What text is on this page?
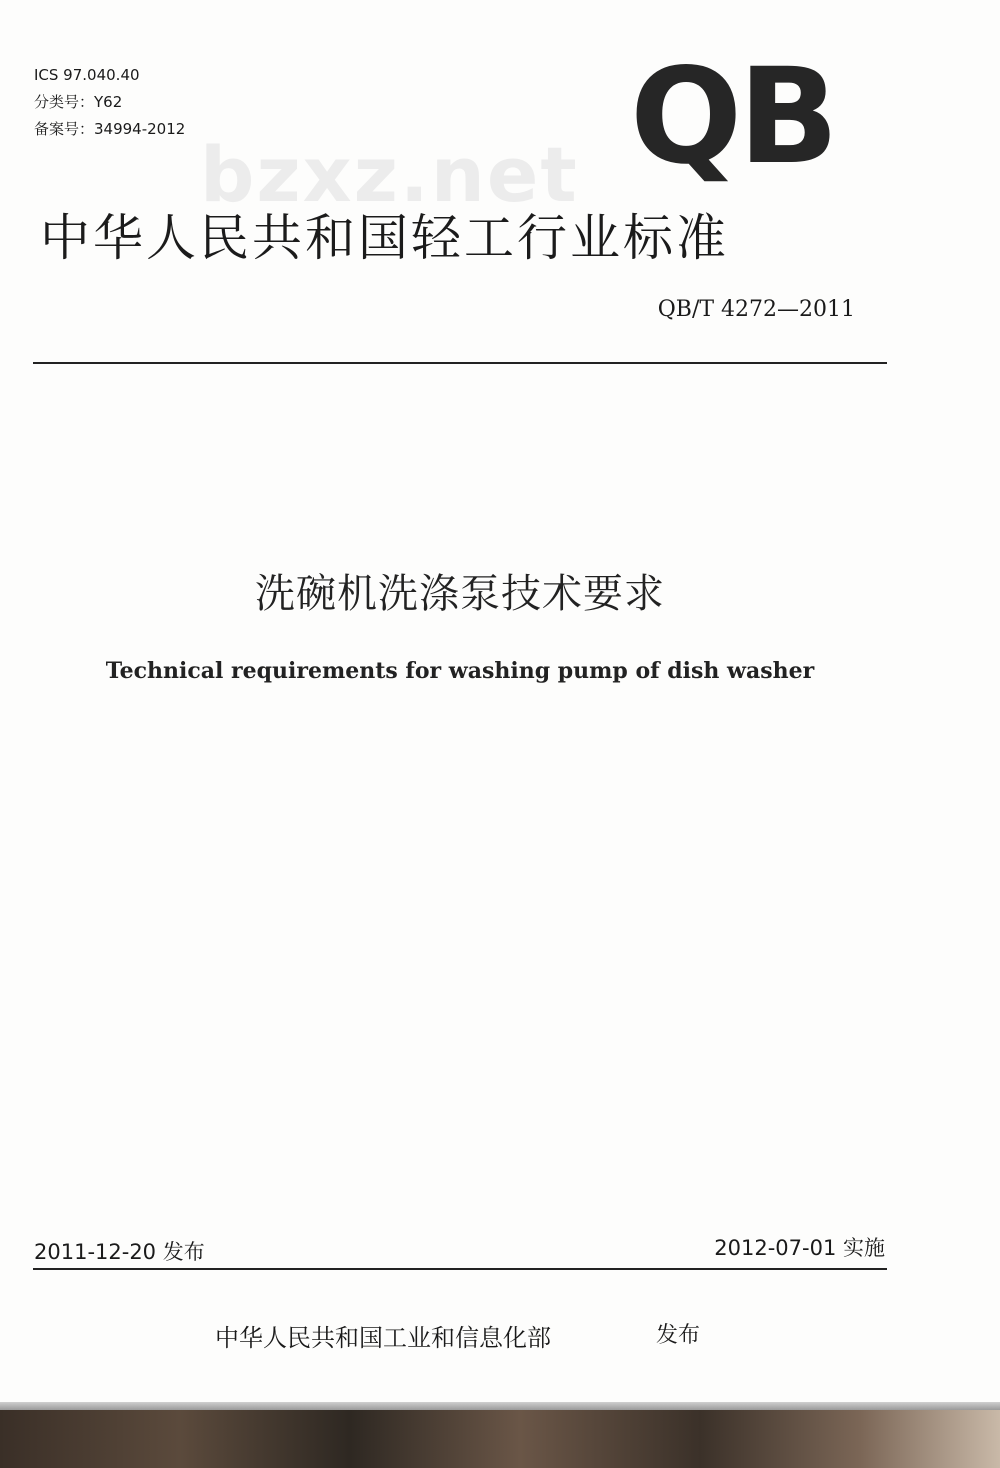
ICS 97.040.40
分类号：Y62
备案号：34994-2012	QB
bzxz.net
中华人民共和国轻工行业标准
QB/T 4272—2011
洗碗机洗涤泵技术要求
Technical requirements for washing pump of dish washer
2011-12-20 发布	2012-07-01 实施
中华人民共和国工业和信息化部	发布
